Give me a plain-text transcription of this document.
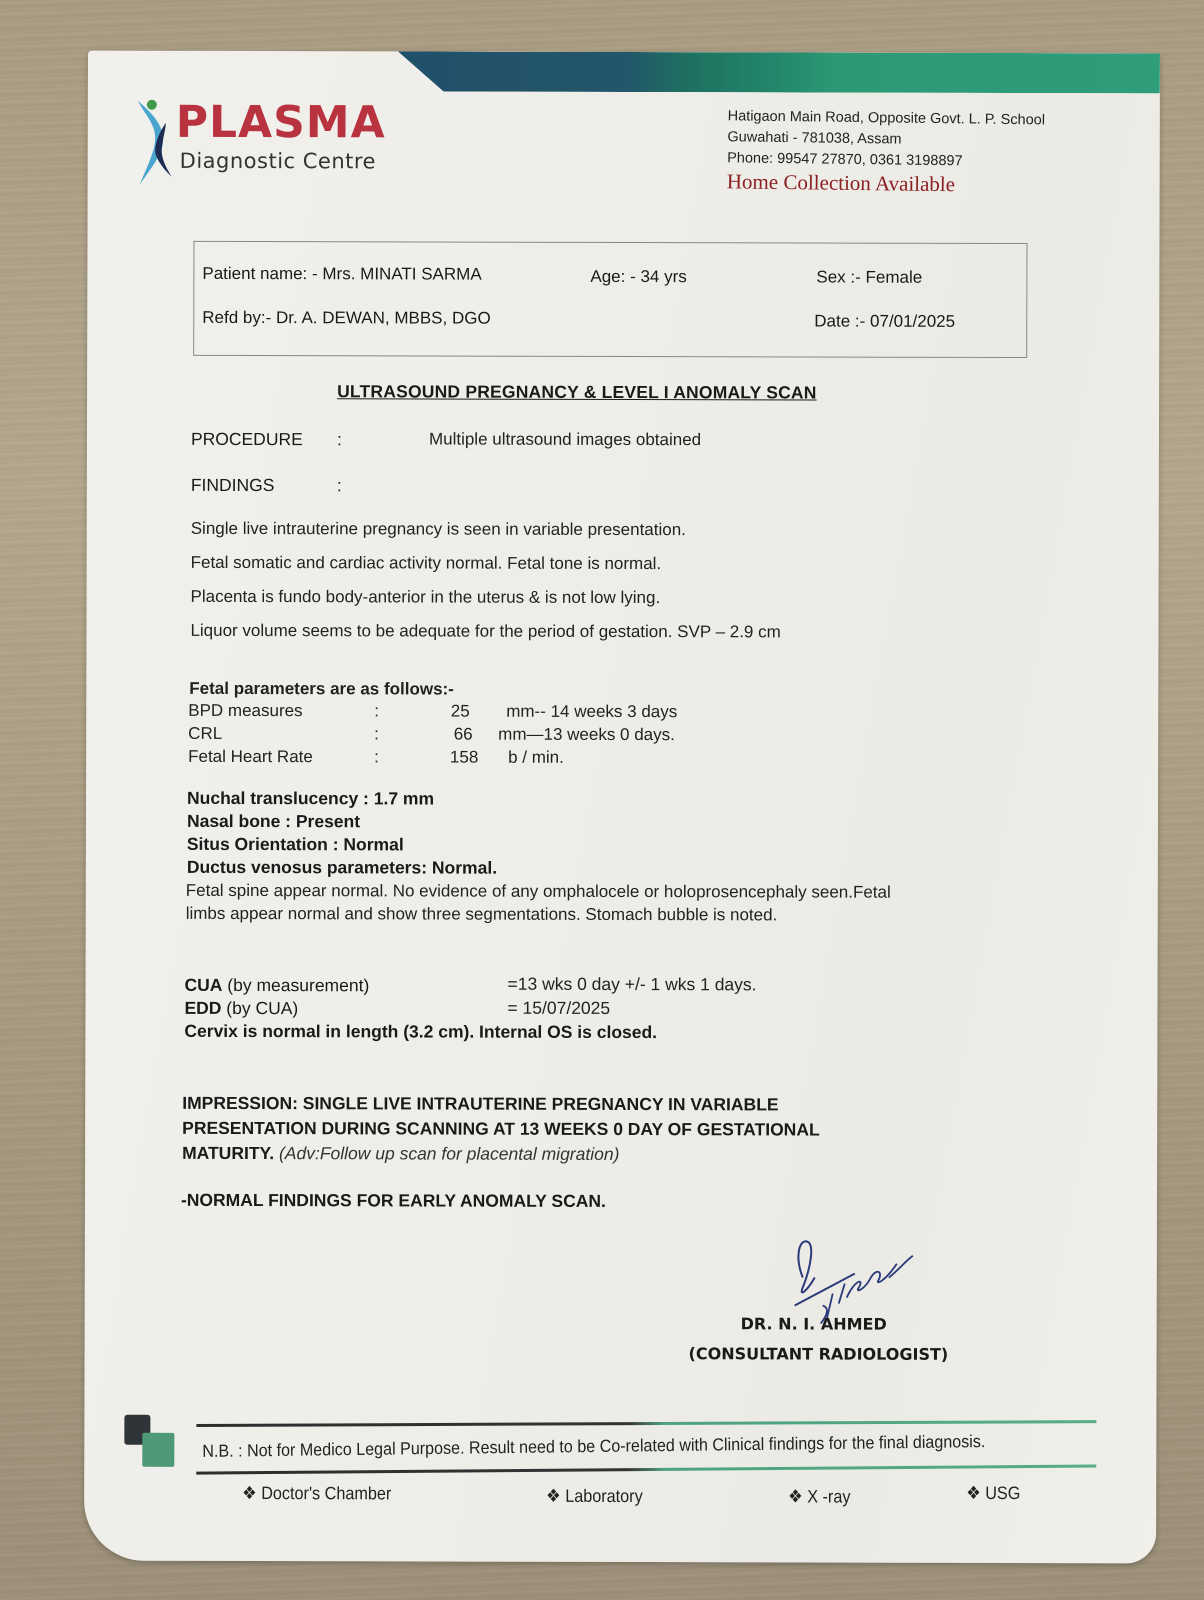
PLASMA
Diagnostic Centre
Hatigaon Main Road, Opposite Govt. L. P. School
Guwahati - 781038, Assam
Phone: 99547 27870, 0361 3198897
Home Collection Available
Patient name: - Mrs. MINATI SARMA	Age: - 34 yrs	Sex :- Female
Refd by:- Dr. A. DEWAN, MBBS, DGO	Date :- 07/01/2025
ULTRASOUND PREGNANCY & LEVEL I ANOMALY SCAN
PROCEDURE :	Multiple ultrasound images obtained
FINDINGS	:
Single live intrauterine pregnancy is seen in variable presentation.
Fetal somatic and cardiac activity normal. Fetal tone is normal.
Placenta is fundo body-anterior in the uterus & is not low lying.
Liquor volume seems to be adequate for the period of gestation. SVP – 2.9 cm
Fetal parameters are as follows:-
BPD measures	:	25	mm-- 14 weeks 3 days
CRL	:	66	mm—13 weeks 0 days.
Fetal Heart Rate	:	158	b / min.
Nuchal translucency : 1.7 mm
Nasal bone : Present
Situs Orientation : Normal
Ductus venosus parameters: Normal.
Fetal spine appear normal. No evidence of any omphalocele or holoprosencephaly seen.Fetal
limbs appear normal and show three segmentations. Stomach bubble is noted.
CUA (by measurement)	=13 wks 0 day +/- 1 wks 1 days.
EDD (by CUA)	= 15/07/2025
Cervix is normal in length (3.2 cm). Internal OS is closed.
IMPRESSION: SINGLE LIVE INTRAUTERINE PREGNANCY IN VARIABLE
PRESENTATION DURING SCANNING AT 13 WEEKS 0 DAY OF GESTATIONAL
MATURITY. (Adv:Follow up scan for placental migration)
-NORMAL FINDINGS FOR EARLY ANOMALY SCAN.
DR. N. I. AHMED
(CONSULTANT RADIOLOGIST)
N.B. : Not for Medico Legal Purpose. Result need to be Co-related with Clinical findings for the final diagnosis.
❖ Doctor's Chamber	❖ Laboratory	❖ X -ray	❖ USG
